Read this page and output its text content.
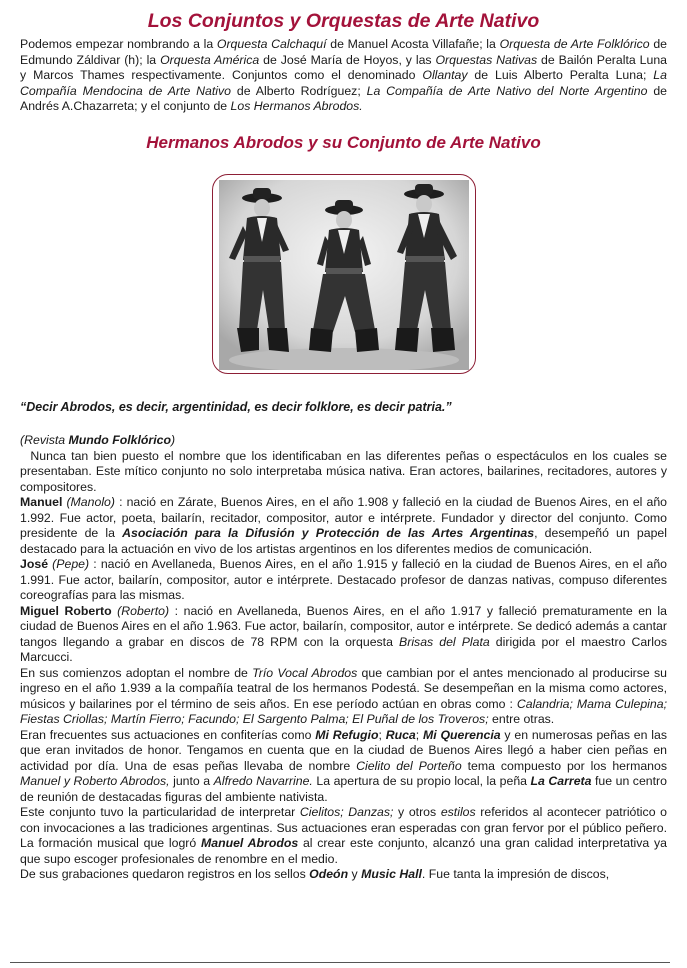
Los Conjuntos y Orquestas de Arte Nativo

Podemos empezar nombrando a la Orquesta Calchaquí de Manuel Acosta Villafañe; la Orquesta de Arte Folklórico de Edmundo Záldivar (h); la Orquesta América de José María de Hoyos, y las Orquestas Nativas de Bailón Peralta Luna y Marcos Thames respectivamente. Conjuntos como el denominado Ollantay de Luis Alberto Peralta Luna; La Compañía Mendocina de Arte Nativo de Alberto Rodríguez; La Compañía de Arte Nativo del Norte Argentino de Andrés A.Chazarreta; y el conjunto de Los Hermanos Abrodos.

Hermanos Abrodos y su Conjunto de Arte Nativo

“Decir Abrodos, es decir, argentinidad, es decir folklore, es decir patria.”

(Revista Mundo Folklórico)

Nunca tan bien puesto el nombre que los identificaban en las diferentes peñas o espectáculos en los cuales se presentaban. Este mítico conjunto no solo interpretaba música nativa. Eran actores, bailarines, recitadores, autores y compositores.

Manuel (Manolo) : nació en Zárate, Buenos Aires, en el año 1.908 y falleció en la ciudad de Buenos Aires, en el año 1.992. Fue actor, poeta, bailarín, recitador, compositor, autor e intérprete. Fundador y director del conjunto. Como presidente de la Asociación para la Difusión y Protección de las Artes Argentinas, desempeñó un papel destacado para la actuación en vivo de los artistas argentinos en los diferentes medios de comunicación.

José (Pepe) : nació en Avellaneda, Buenos Aires, en el año 1.915 y falleció en la ciudad de Buenos Aires, en el año 1.991. Fue actor, bailarín, compositor, autor e intérprete. Destacado profesor de danzas nativas, compuso diferentes coreografías para las mismas.

Miguel Roberto (Roberto) : nació en Avellaneda, Buenos Aires, en el año 1.917 y falleció prematuramente en la ciudad de Buenos Aires en el año 1.963. Fue actor, bailarín, compositor, autor e intérprete. Se dedicó además a cantar tangos llegando a grabar en discos de 78 RPM con la orquesta Brisas del Plata dirigida por el maestro Carlos Marcucci.

En sus comienzos adoptan el nombre de Trío Vocal Abrodos que cambian por el antes mencionado al producirse su ingreso en el año 1.939 a la compañía teatral de los hermanos Podestá. Se desempeñan en la misma como actores, músicos y bailarines por el término de seis años. En ese período actúan en obras como : Calandria; Mama Culepina; Fiestas Criollas; Martín Fierro; Facundo; El Sargento Palma; El Puñal de los Troveros; entre otras.

Eran frecuentes sus actuaciones en confiterías como Mi Refugio; Ruca; Mi Querencia y en numerosas peñas en las que eran invitados de honor. Tengamos en cuenta que en la ciudad de Buenos Aires llegó a haber cien peñas en actividad por día. Una de esas peñas llevaba de nombre Cielito del Porteño tema compuesto por los hermanos Manuel y Roberto Abrodos, junto a Alfredo Navarrine. La apertura de su propio local, la peña La Carreta fue un centro de reunión de destacadas figuras del ambiente nativista.

Este conjunto tuvo la particularidad de interpretar Cielitos; Danzas; y otros estilos referidos al acontecer patriótico o con invocaciones a las tradiciones argentinas. Sus actuaciones eran esperadas con gran fervor por el público peñero. La formación musical que logró Manuel Abrodos al crear este conjunto, alcanzó una gran calidad interpretativa ya que supo escoger profesionales de renombre en el medio.

De sus grabaciones quedaron registros en los sellos Odeón y Music Hall. Fue tanta la impresión de discos,
